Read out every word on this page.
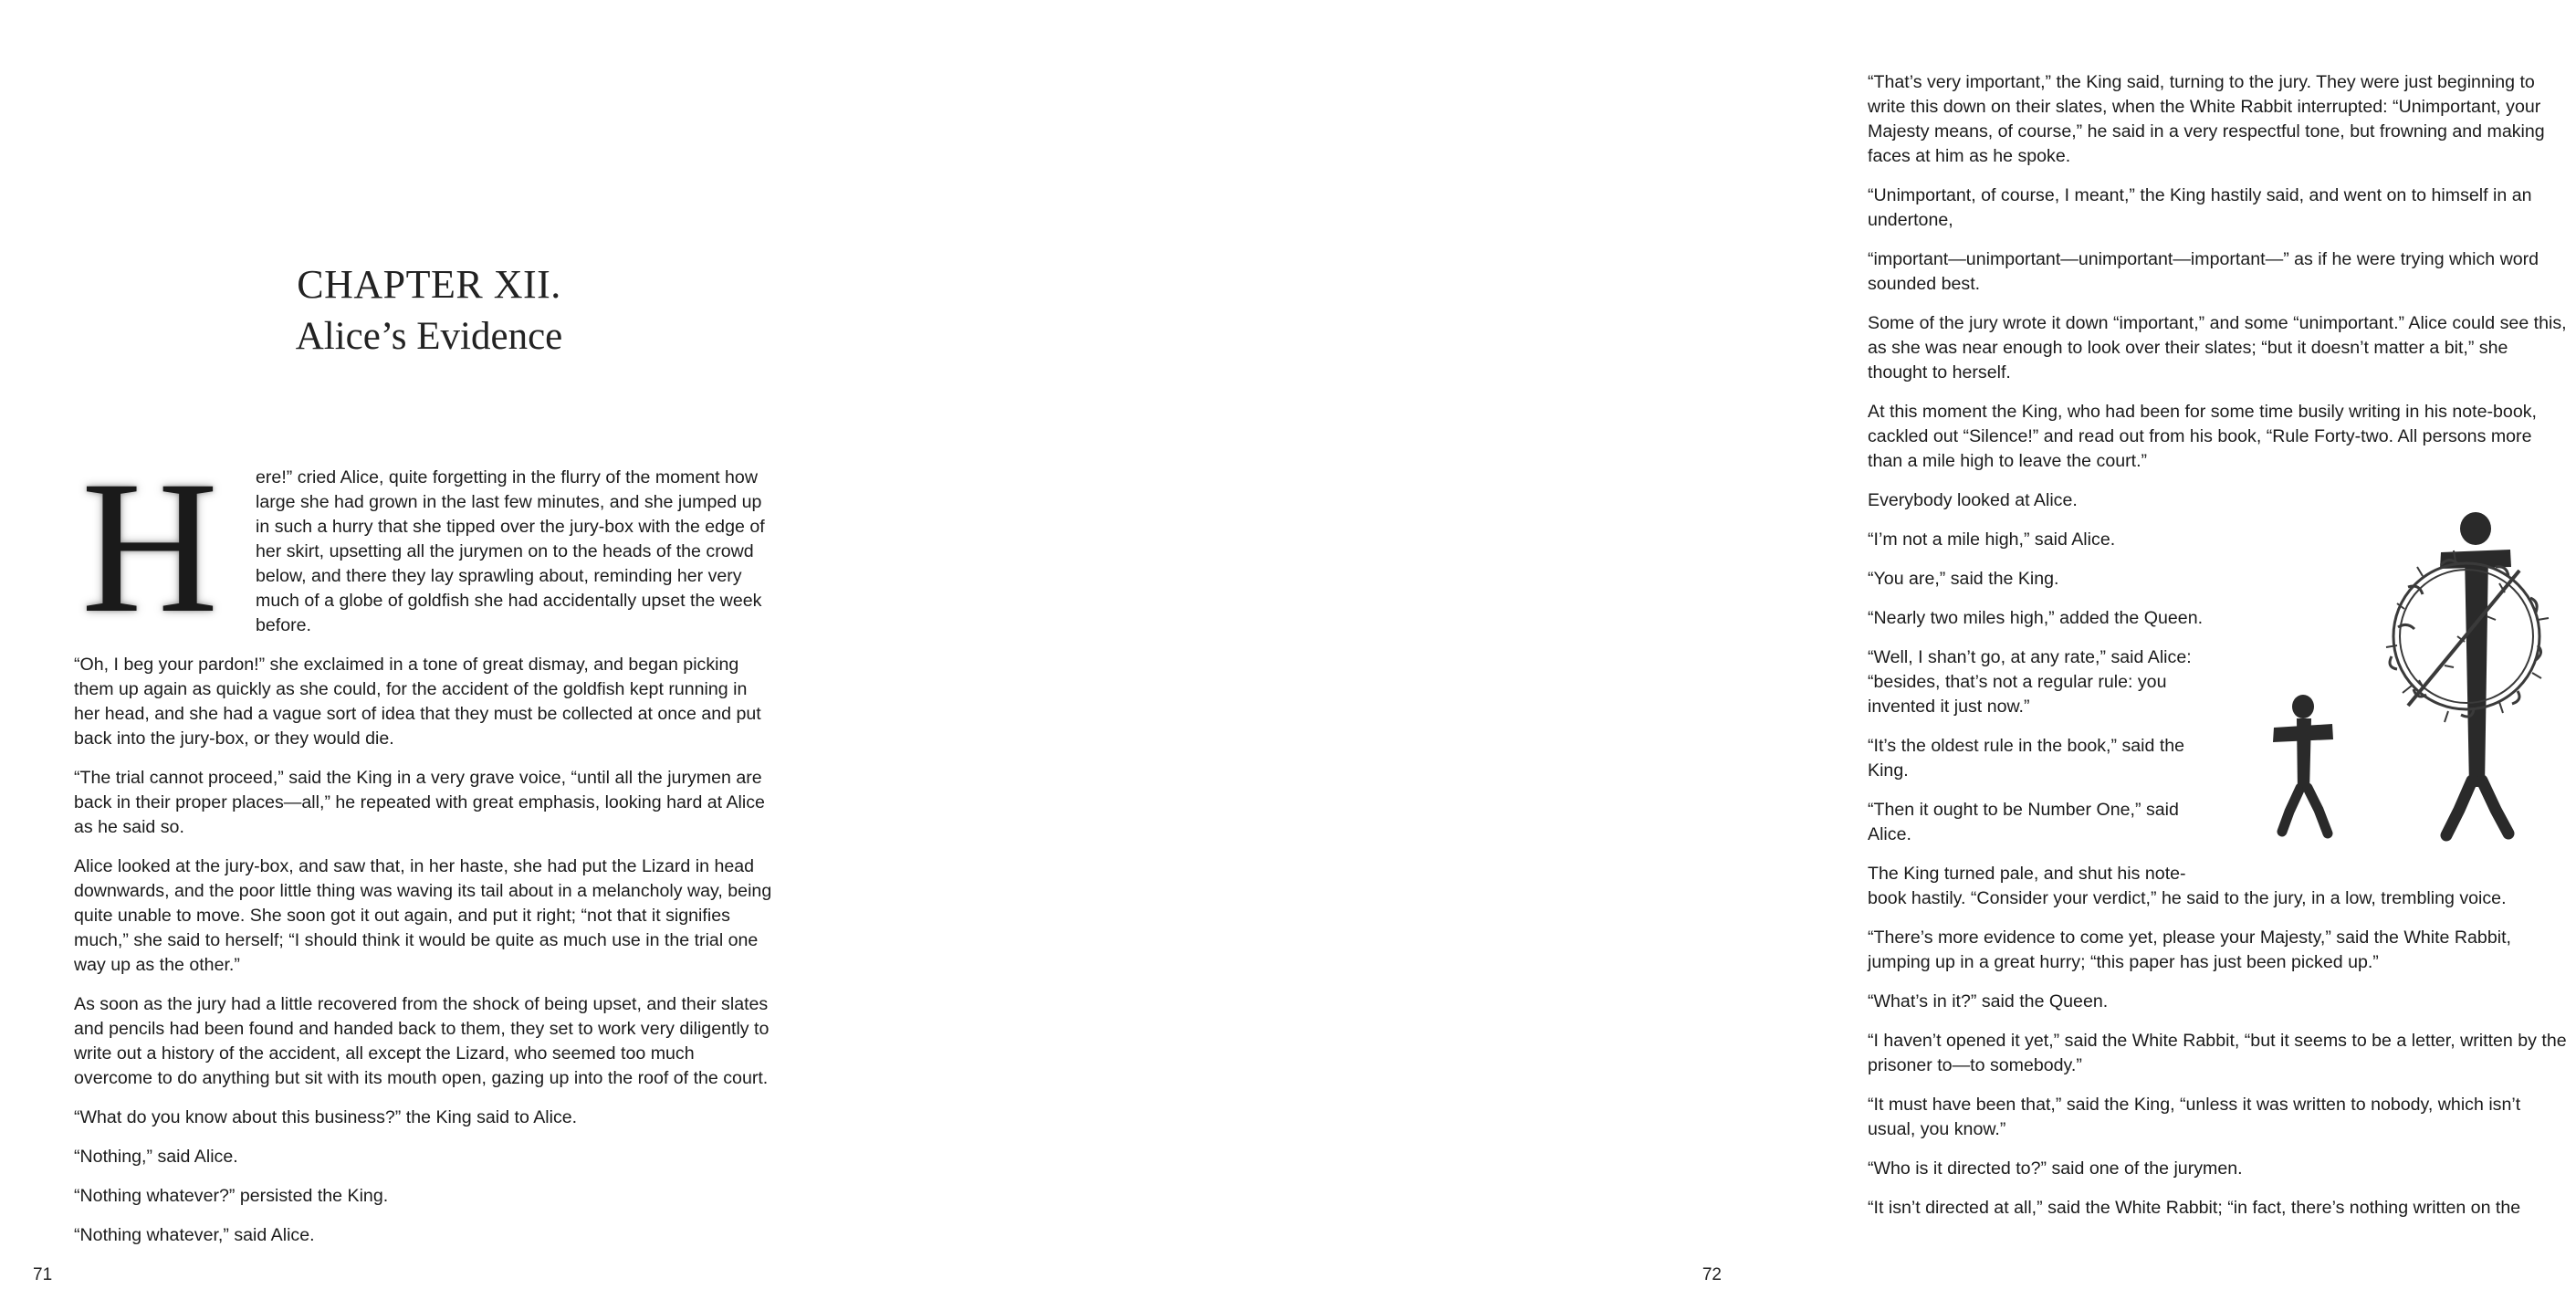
CHAPTER XII.
Alice’s Evidence
H	ere!” cried Alice, quite forgetting in the flurry of the moment how large she had grown in the last few minutes, and she jumped up in such a hurry that she tipped over the jury-box with the edge of her skirt, upsetting all the jurymen on to the heads of the crowd below, and there they lay sprawling about, reminding her very much of a globe of goldfish she had accidentally upset the week before.

“Oh, I beg your pardon!” she exclaimed in a tone of great dismay, and began picking them up again as quickly as she could, for the accident of the goldfish kept running in her head, and she had a vague sort of idea that they must be collected at once and put back into the jury-box, or they would die.

“The trial cannot proceed,” said the King in a very grave voice, “until all the jurymen are back in their proper places—all,” he repeated with great emphasis, looking hard at Alice as he said so.

Alice looked at the jury-box, and saw that, in her haste, she had put the Lizard in head downwards, and the poor little thing was waving its tail about in a melancholy way, being quite unable to move. She soon got it out again, and put it right; “not that it signifies much,” she said to herself; “I should think it would be quite as much use in the trial one way up as the other.”

As soon as the jury had a little recovered from the shock of being upset, and their slates and pencils had been found and handed back to them, they set to work very diligently to write out a history of the accident, all except the Lizard, who seemed too much overcome to do anything but sit with its mouth open, gazing up into the roof of the court.

“What do you know about this business?” the King said to Alice.

“Nothing,” said Alice.

“Nothing whatever?” persisted the King.

“Nothing whatever,” said Alice.

71

“That’s very important,” the King said, turning to the jury. They were just beginning to write this down on their slates, when the White Rabbit interrupted: “Unimportant, your Majesty means, of course,” he said in a very respectful tone, but frowning and making faces at him as he spoke.

“Unimportant, of course, I meant,” the King hastily said, and went on to himself in an undertone,

“important—unimportant—unimportant—important—” as if he were trying which word sounded best.

Some of the jury wrote it down “important,” and some “unimportant.” Alice could see this, as she was near enough to look over their slates; “but it doesn’t matter a bit,” she thought to herself.

At this moment the King, who had been for some time busily writing in his note-book, cackled out “Silence!” and read out from his book, “Rule Forty-two. All persons more than a mile high to leave the court.”

Everybody looked at Alice.

“I’m not a mile high,” said Alice.

“You are,” said the King.

“Nearly two miles high,” added the Queen.

“Well, I shan’t go, at any rate,” said Alice: “besides, that’s not a regular rule: you invented it just now.”

“It’s the oldest rule in the book,” said the King.

“Then it ought to be Number One,” said Alice.

The King turned pale, and shut his note-book hastily. “Consider your verdict,” he said to the jury, in a low, trembling voice.

“There’s more evidence to come yet, please your Majesty,” said the White Rabbit, jumping up in a great hurry; “this paper has just been picked up.”

“What’s in it?” said the Queen.

“I haven’t opened it yet,” said the White Rabbit, “but it seems to be a letter, written by the prisoner to—to somebody.”

“It must have been that,” said the King, “unless it was written to nobody, which isn’t usual, you know.”

“Who is it directed to?” said one of the jurymen.

“It isn’t directed at all,” said the White Rabbit; “in fact, there’s nothing written on the

72
